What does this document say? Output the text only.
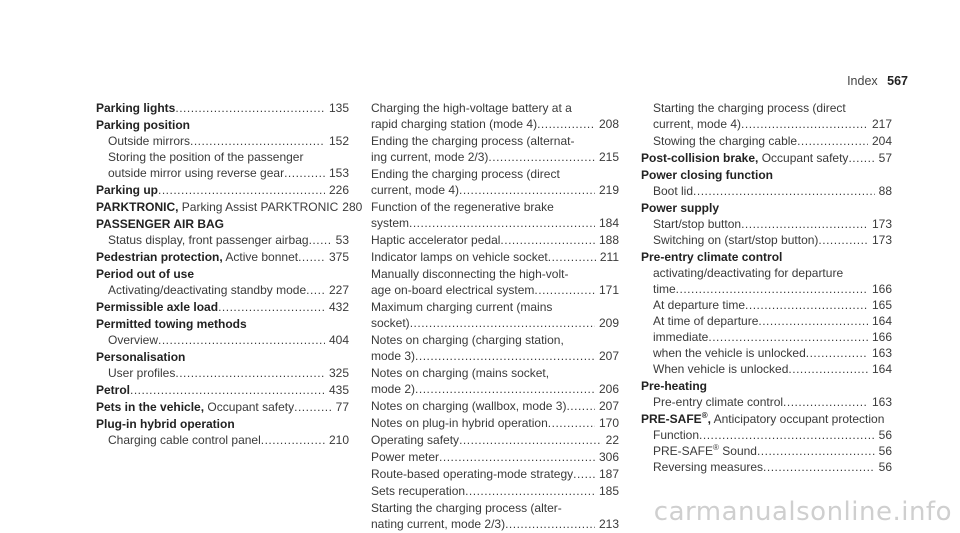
Index 567
Parking lights .....	135
Parking position
Outside mirrors .....	152
Storing the position of the passenger
outside mirror using reverse gear .....	153
Parking up .....	226
PARKTRONIC, Parking Assist PARKTRONIC 280
PASSENGER AIR BAG
Status display, front passenger airbag .....	53
Pedestrian protection, Active bonnet .....	375
Period out of use
Activating/deactivating standby mode .....	227
Permissible axle load .....	432
Permitted towing methods
Overview .....	404
Personalisation
User profiles .....	325
Petrol .....	435
Pets in the vehicle, Occupant safety .....	77
Plug-in hybrid operation
Charging cable control panel .....	210
Charging the high-voltage battery at a
rapid charging station (mode 4) .....	208
Ending the charging process (alternat-
ing current, mode 2/3) .....	215
Ending the charging process (direct
current, mode 4) .....	219
Function of the regenerative brake
system .....	184
Haptic accelerator pedal .....	188
Indicator lamps on vehicle socket .....	211
Manually disconnecting the high-volt-
age on-board electrical system .....	171
Maximum charging current (mains
socket) .....	209
Notes on charging (charging station,
mode 3) .....	207
Notes on charging (mains socket,
mode 2) .....	206
Notes on charging (wallbox, mode 3) .....	207
Notes on plug-in hybrid operation .....	170
Operating safety .....	22
Power meter .....	306
Route-based operating-mode strategy .....	187
Sets recuperation .....	185
Starting the charging process (alter-
nating current, mode 2/3) .....	213
Starting the charging process (direct
current, mode 4) .....	217
Stowing the charging cable .....	204
Post-collision brake, Occupant safety .....	57
Power closing function
Boot lid .....	88
Power supply
Start/stop button .....	173
Switching on (start/stop button) .....	173
Pre-entry climate control
activating/deactivating for departure
time .....	166
At departure time .....	165
At time of departure .....	164
immediate .....	166
when the vehicle is unlocked .....	163
When vehicle is unlocked .....	164
Pre-heating
Pre-entry climate control .....	163
PRE-SAFE®, Anticipatory occupant protection
Function .....	56
PRE-SAFE® Sound .....	56
Reversing measures .....	56
carmanualsonline.info
